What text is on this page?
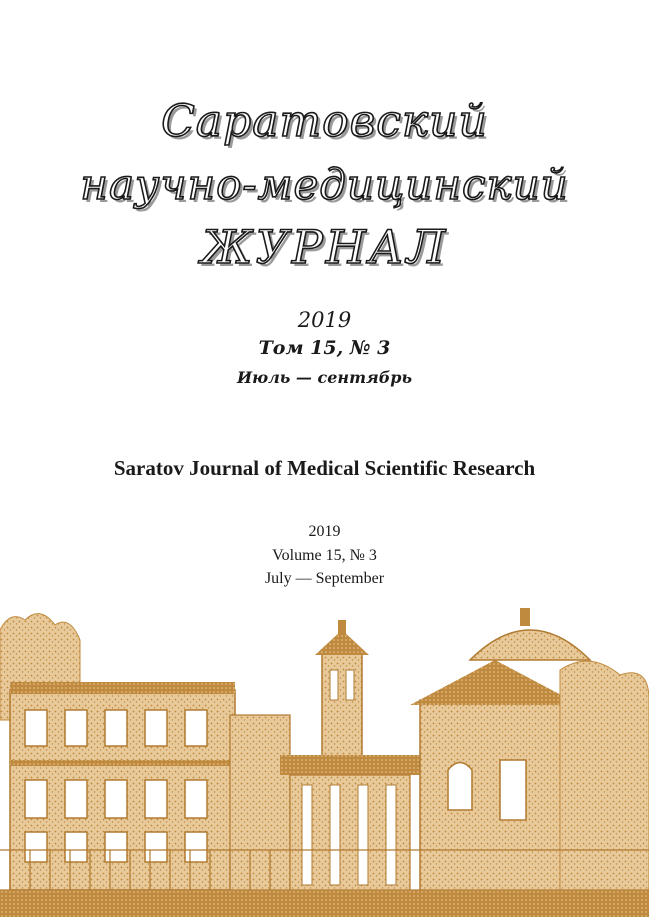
Саратовский
научно-медицинский
ЖУРНАЛ
2019
Том 15, № 3
Июль — сентябрь
Saratov Journal of Medical Scientific Research
2019
Volume 15, № 3
July — September
